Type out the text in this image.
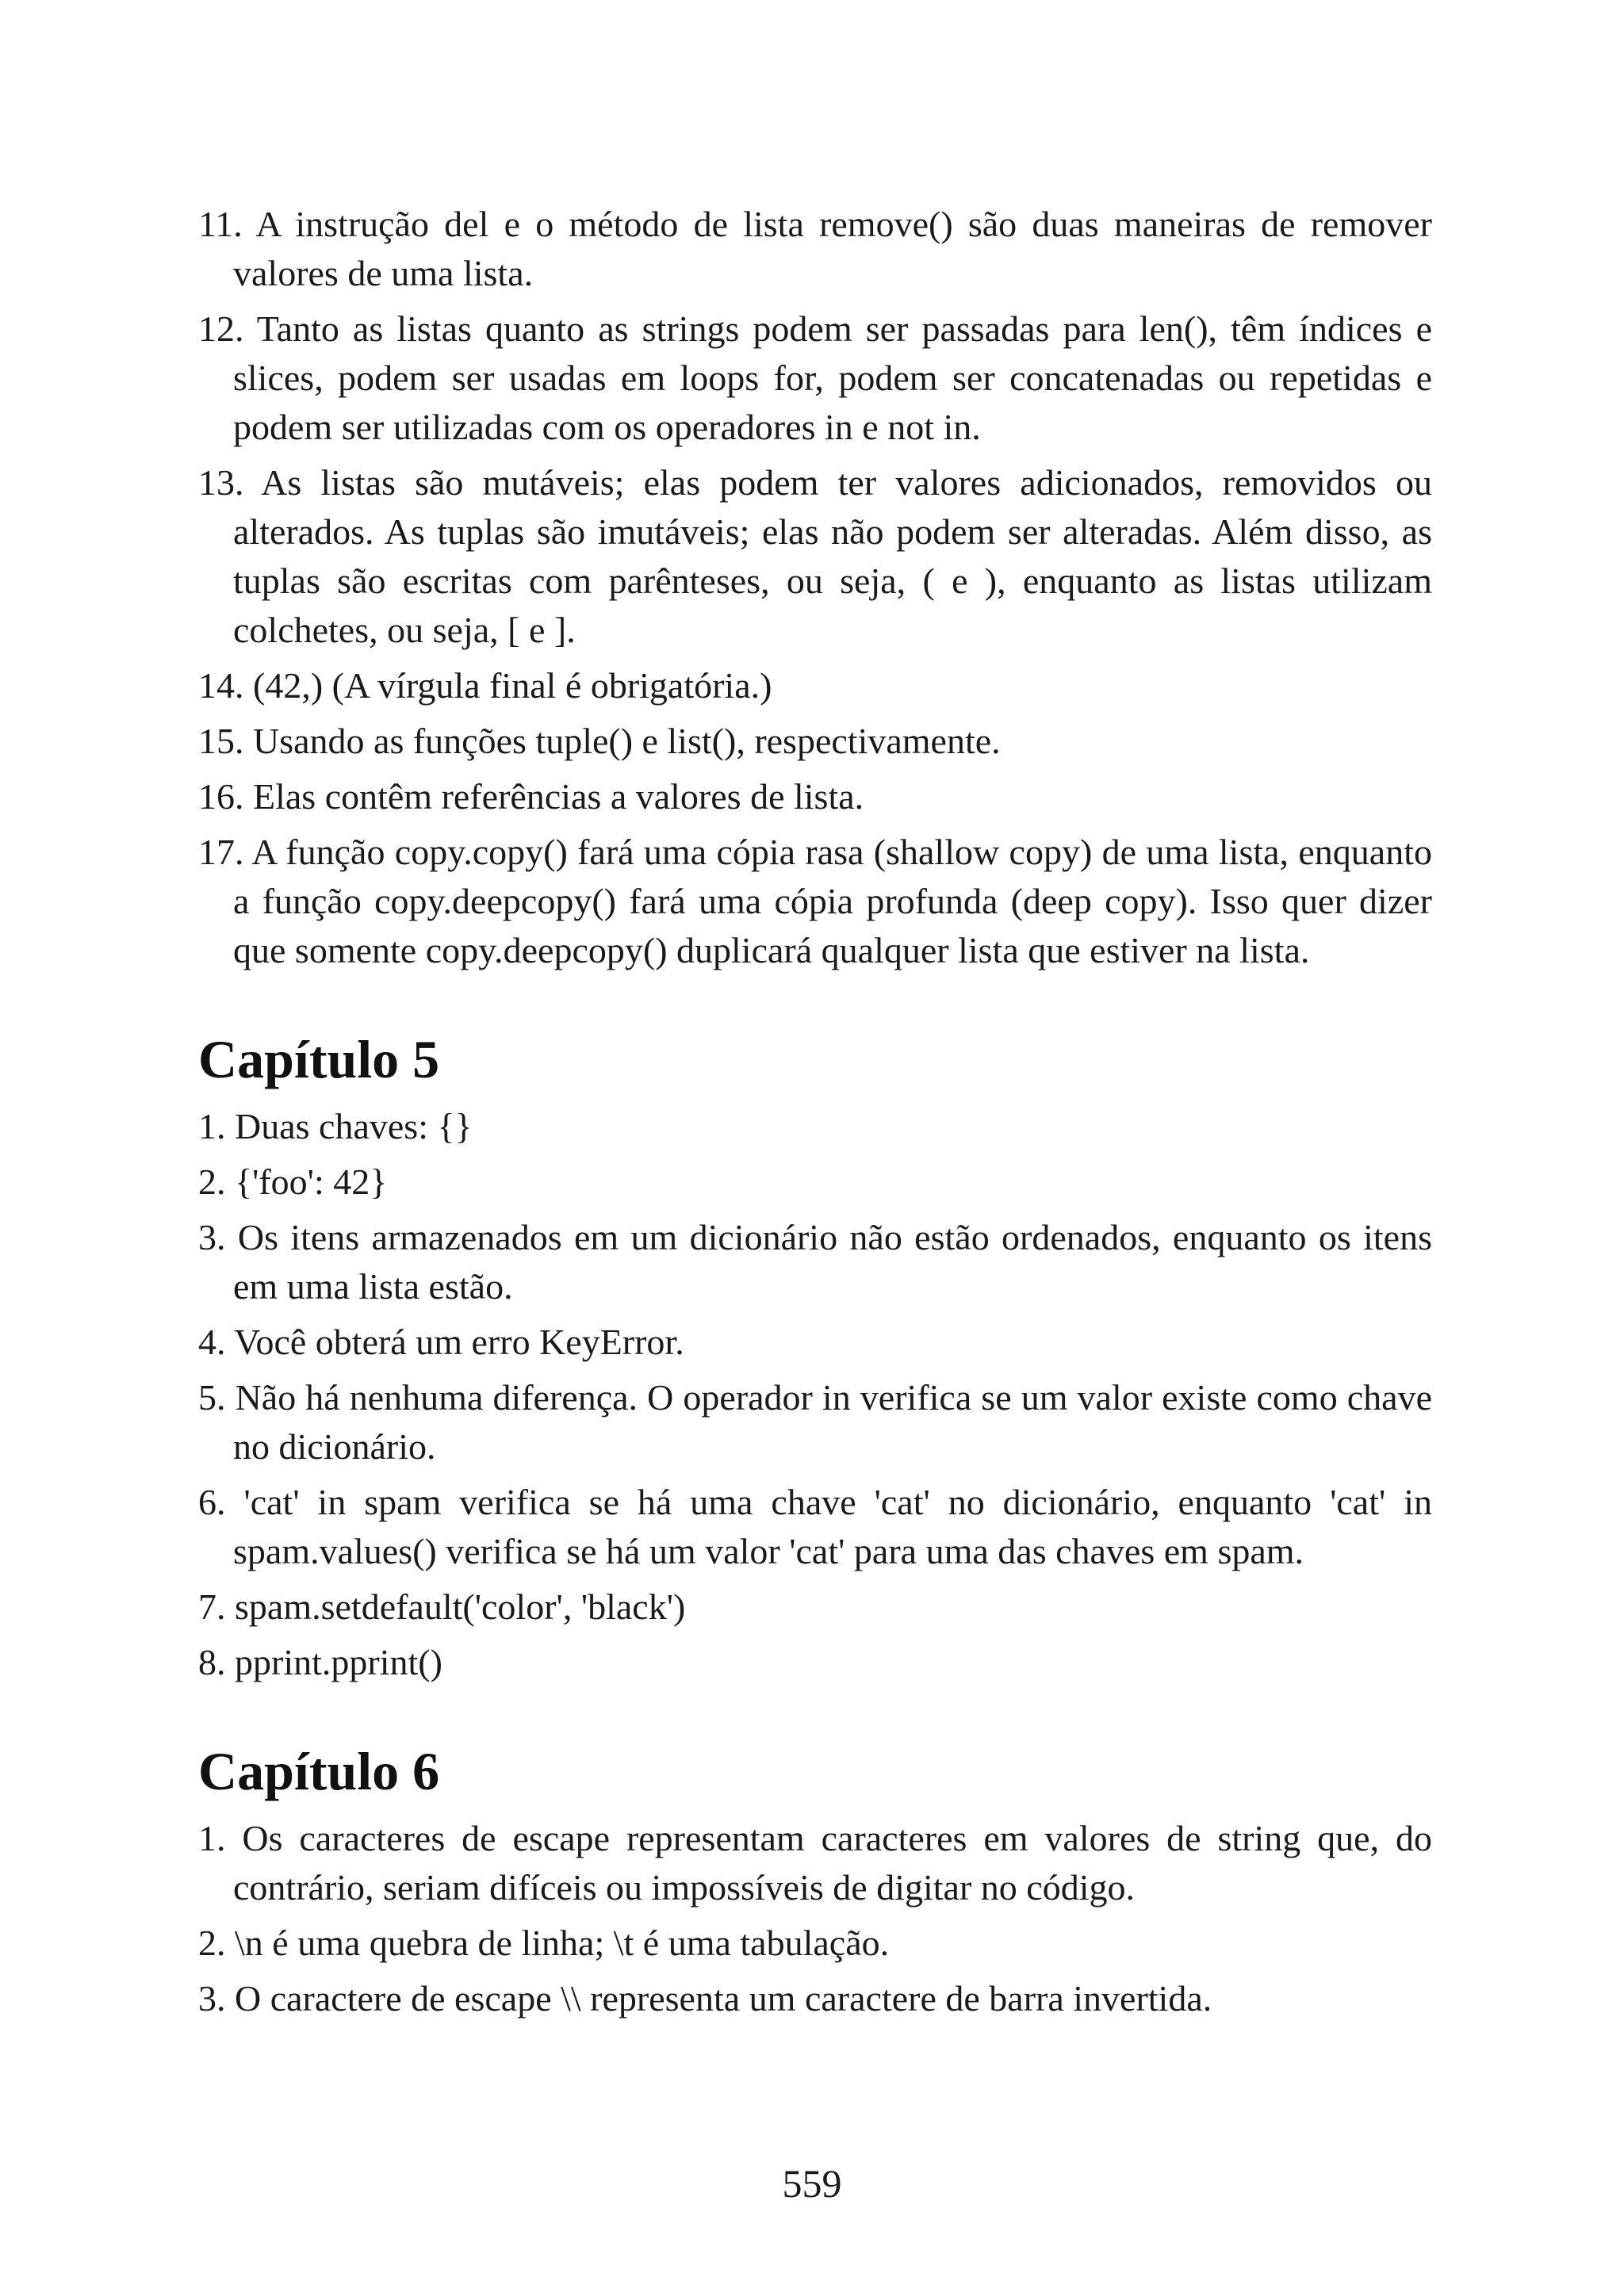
11. A instrução del e o método de lista remove() são duas maneiras de remover valores de uma lista.
12. Tanto as listas quanto as strings podem ser passadas para len(), têm índices e slices, podem ser usadas em loops for, podem ser concatenadas ou repetidas e podem ser utilizadas com os operadores in e not in.
13. As listas são mutáveis; elas podem ter valores adicionados, removidos ou alterados. As tuplas são imutáveis; elas não podem ser alteradas. Além disso, as tuplas são escritas com parênteses, ou seja, ( e ), enquanto as listas utilizam colchetes, ou seja, [ e ].
14. (42,) (A vírgula final é obrigatória.)
15. Usando as funções tuple() e list(), respectivamente.
16. Elas contêm referências a valores de lista.
17. A função copy.copy() fará uma cópia rasa (shallow copy) de uma lista, enquanto a função copy.deepcopy() fará uma cópia profunda (deep copy). Isso quer dizer que somente copy.deepcopy() duplicará qualquer lista que estiver na lista.
Capítulo 5
1. Duas chaves: {}
2. {'foo': 42}
3. Os itens armazenados em um dicionário não estão ordenados, enquanto os itens em uma lista estão.
4. Você obterá um erro KeyError.
5. Não há nenhuma diferença. O operador in verifica se um valor existe como chave no dicionário.
6. 'cat' in spam verifica se há uma chave 'cat' no dicionário, enquanto 'cat' in spam.values() verifica se há um valor 'cat' para uma das chaves em spam.
7. spam.setdefault('color', 'black')
8. pprint.pprint()
Capítulo 6
1. Os caracteres de escape representam caracteres em valores de string que, do contrário, seriam difíceis ou impossíveis de digitar no código.
2. \n é uma quebra de linha; \t é uma tabulação.
3. O caractere de escape \\ representa um caractere de barra invertida.
559
